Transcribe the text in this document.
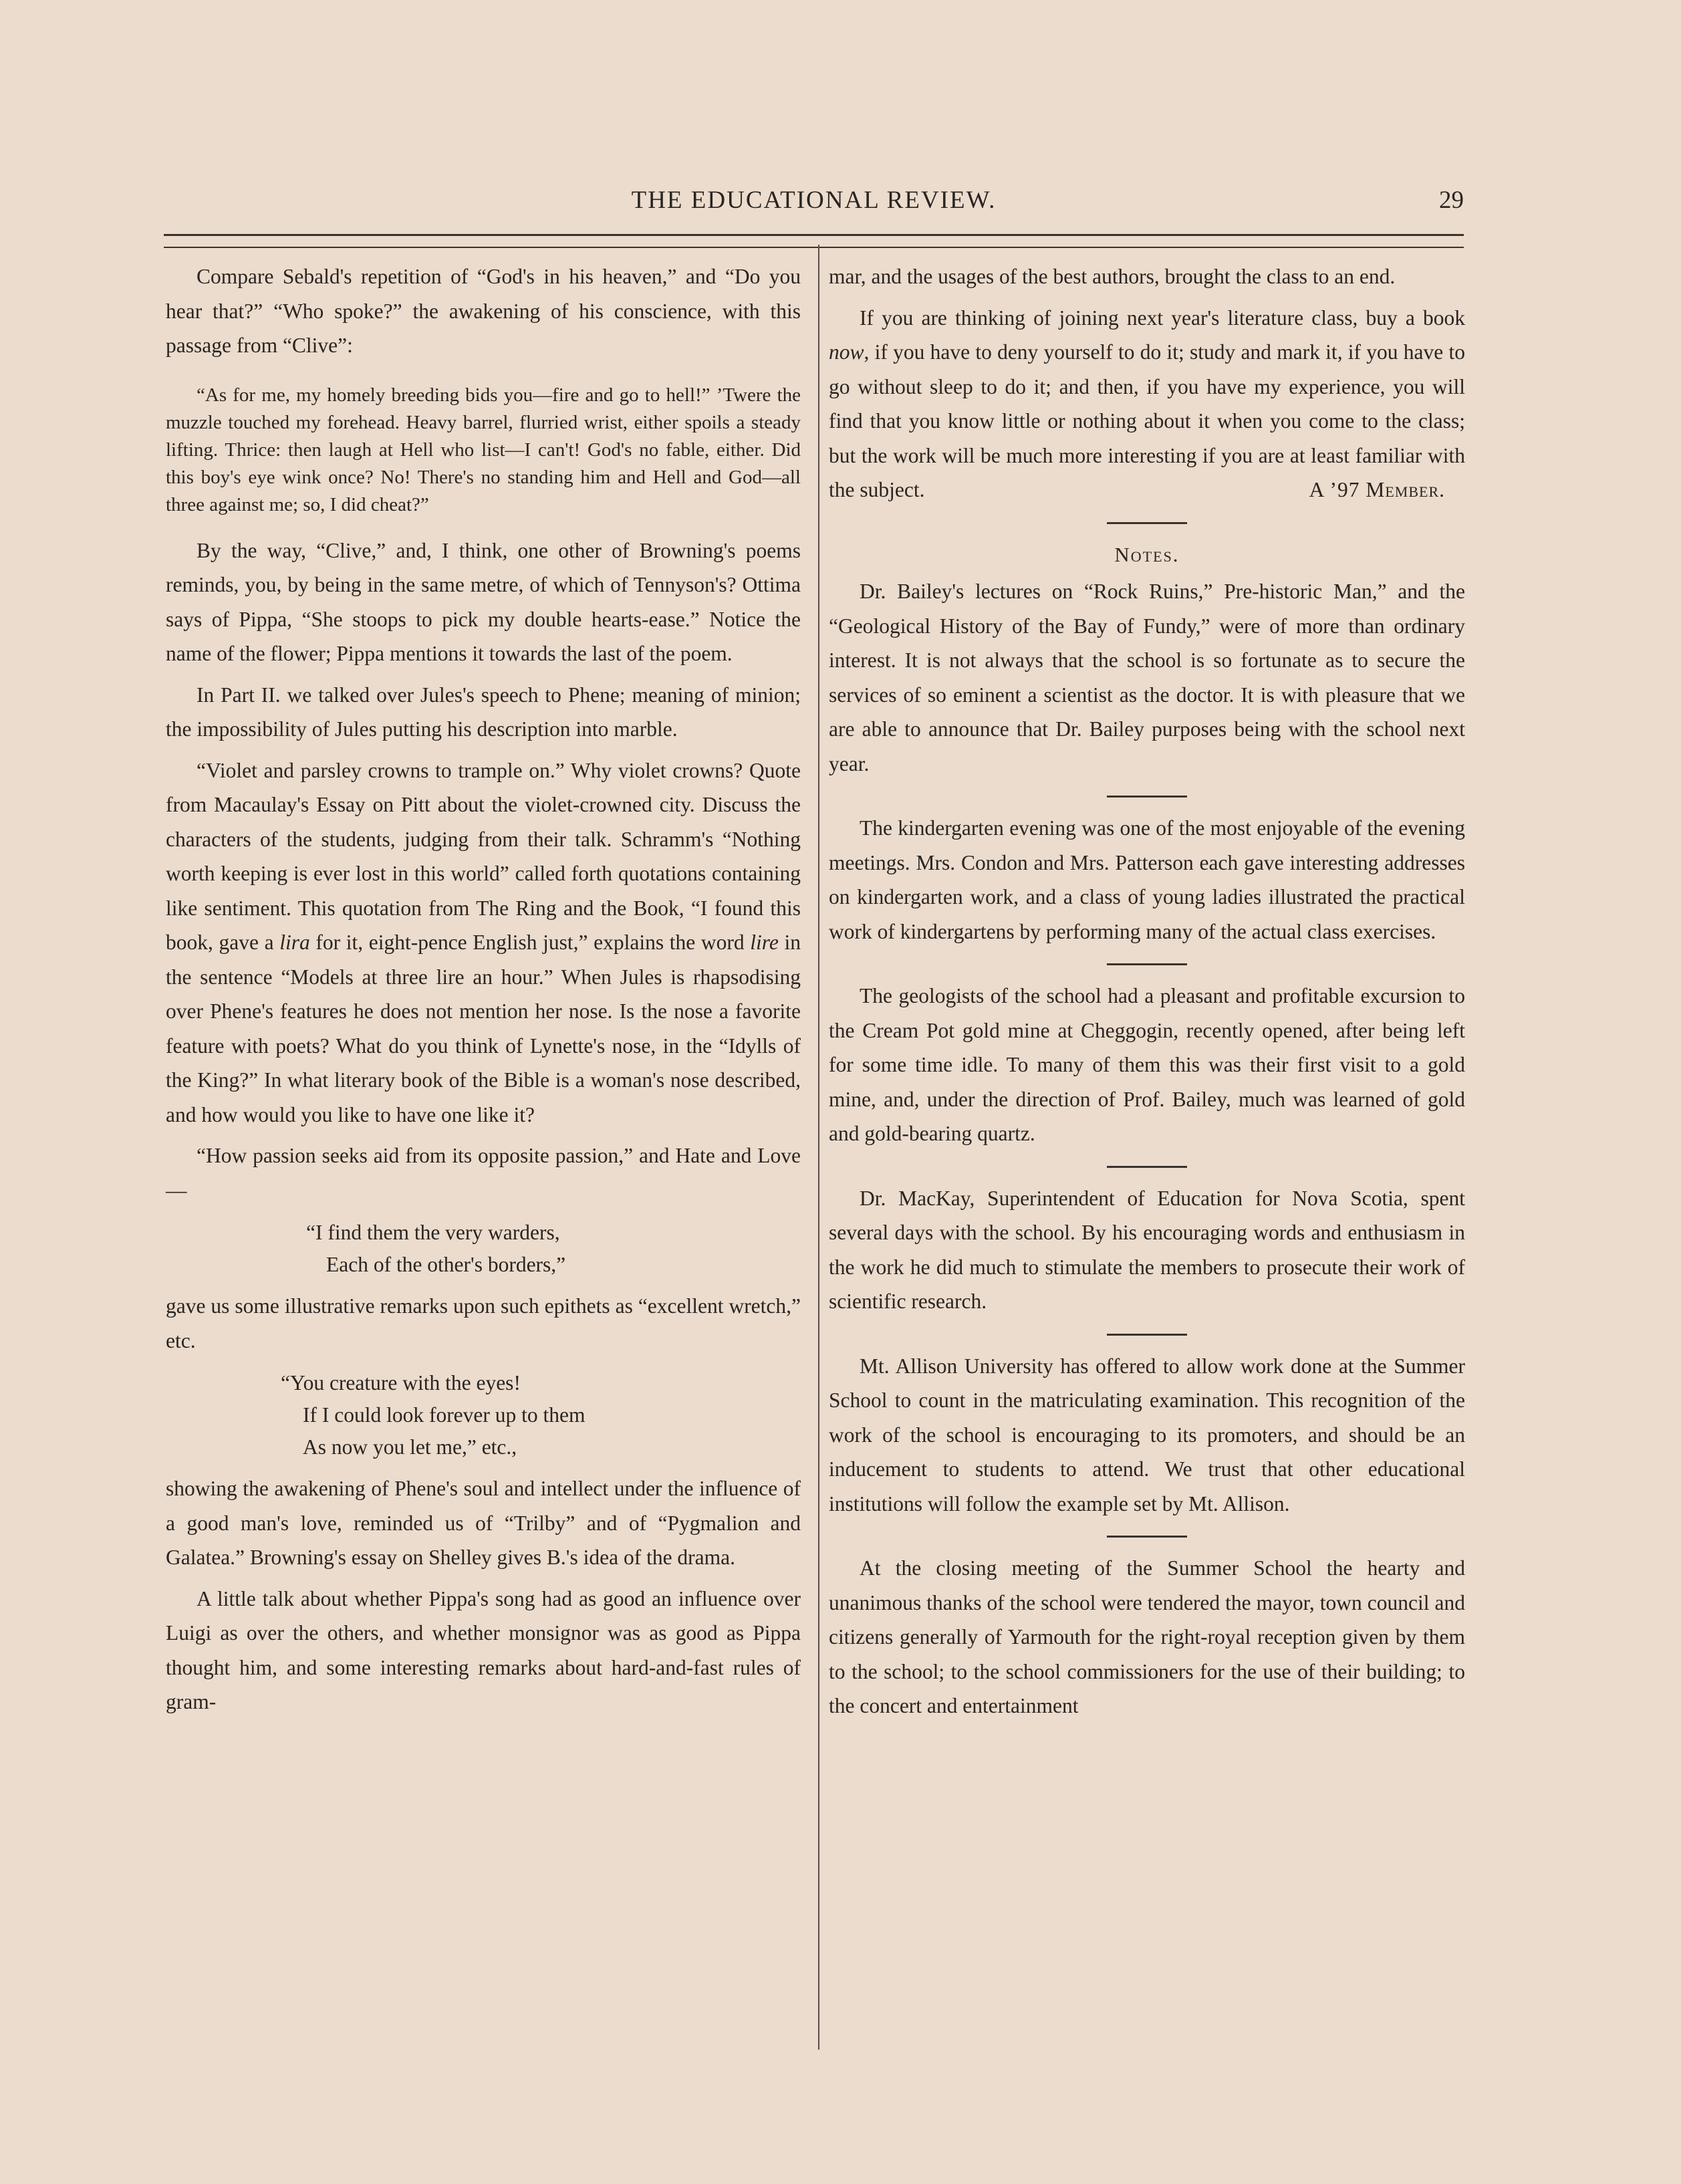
THE EDUCATIONAL REVIEW.	29

Compare Sebald's repetition of “God's in his heaven,” and “Do you hear that?” “Who spoke?” the awakening of his conscience, with this passage from “Clive”:

“As for me, my homely breeding bids you—fire and go to hell!” ’Twere the muzzle touched my forehead. Heavy barrel, flurried wrist, either spoils a steady lifting. Thrice: then laugh at Hell who list—I can't! God's no fable, either. Did this boy's eye wink once? No! There's no standing him and Hell and God—all three against me; so, I did cheat?”

By the way, “Clive,” and, I think, one other of Browning's poems reminds, you, by being in the same metre, of which of Tennyson's? Ottima says of Pippa, “She stoops to pick my double hearts-ease.” Notice the name of the flower; Pippa mentions it towards the last of the poem.

In Part II. we talked over Jules's speech to Phene; meaning of minion; the impossibility of Jules putting his description into marble.

“Violet and parsley crowns to trample on.” Why violet crowns? Quote from Macaulay's Essay on Pitt about the violet-crowned city. Discuss the characters of the students, judging from their talk. Schramm's “Nothing worth keeping is ever lost in this world” called forth quotations containing like sentiment. This quotation from The Ring and the Book, “I found this book, gave a lira for it, eight-pence English just,” explains the word lire in the sentence “Models at three lire an hour.” When Jules is rhapsodising over Phene's features he does not mention her nose. Is the nose a favorite feature with poets? What do you think of Lynette's nose, in the “Idylls of the King?” In what literary book of the Bible is a woman's nose described, and how would you like to have one like it?

“How passion seeks aid from its opposite passion,” and Hate and Love—

“I find them the very warders,
Each of the other's borders,”

gave us some illustrative remarks upon such epithets as “excellent wretch,” etc.

“You creature with the eyes!
If I could look forever up to them
As now you let me,” etc.,

showing the awakening of Phene's soul and intellect under the influence of a good man's love, reminded us of “Trilby” and of “Pygmalion and Galatea.” Browning's essay on Shelley gives B.'s idea of the drama.

A little talk about whether Pippa's song had as good an influence over Luigi as over the others, and whether monsignor was as good as Pippa thought him, and some interesting remarks about hard-and-fast rules of gram-

mar, and the usages of the best authors, brought the class to an end.

If you are thinking of joining next year's literature class, buy a book now, if you have to deny yourself to do it; study and mark it, if you have to go without sleep to do it; and then, if you have my experience, you will find that you know little or nothing about it when you come to the class; but the work will be much more interesting if you are at least familiar with the subject.	A ’97 Member.

Notes.

Dr. Bailey's lectures on “Rock Ruins,” Pre-historic Man,” and the “Geological History of the Bay of Fundy,” were of more than ordinary interest. It is not always that the school is so fortunate as to secure the services of so eminent a scientist as the doctor. It is with pleasure that we are able to announce that Dr. Bailey purposes being with the school next year.

The kindergarten evening was one of the most enjoyable of the evening meetings. Mrs. Condon and Mrs. Patterson each gave interesting addresses on kindergarten work, and a class of young ladies illustrated the practical work of kindergartens by performing many of the actual class exercises.

The geologists of the school had a pleasant and profitable excursion to the Cream Pot gold mine at Cheggogin, recently opened, after being left for some time idle. To many of them this was their first visit to a gold mine, and, under the direction of Prof. Bailey, much was learned of gold and gold-bearing quartz.

Dr. MacKay, Superintendent of Education for Nova Scotia, spent several days with the school. By his encouraging words and enthusiasm in the work he did much to stimulate the members to prosecute their work of scientific research.

Mt. Allison University has offered to allow work done at the Summer School to count in the matriculating examination. This recognition of the work of the school is encouraging to its promoters, and should be an inducement to students to attend. We trust that other educational institutions will follow the example set by Mt. Allison.

At the closing meeting of the Summer School the hearty and unanimous thanks of the school were tendered the mayor, town council and citizens generally of Yarmouth for the right-royal reception given by them to the school; to the school commissioners for the use of their building; to the concert and entertainment
